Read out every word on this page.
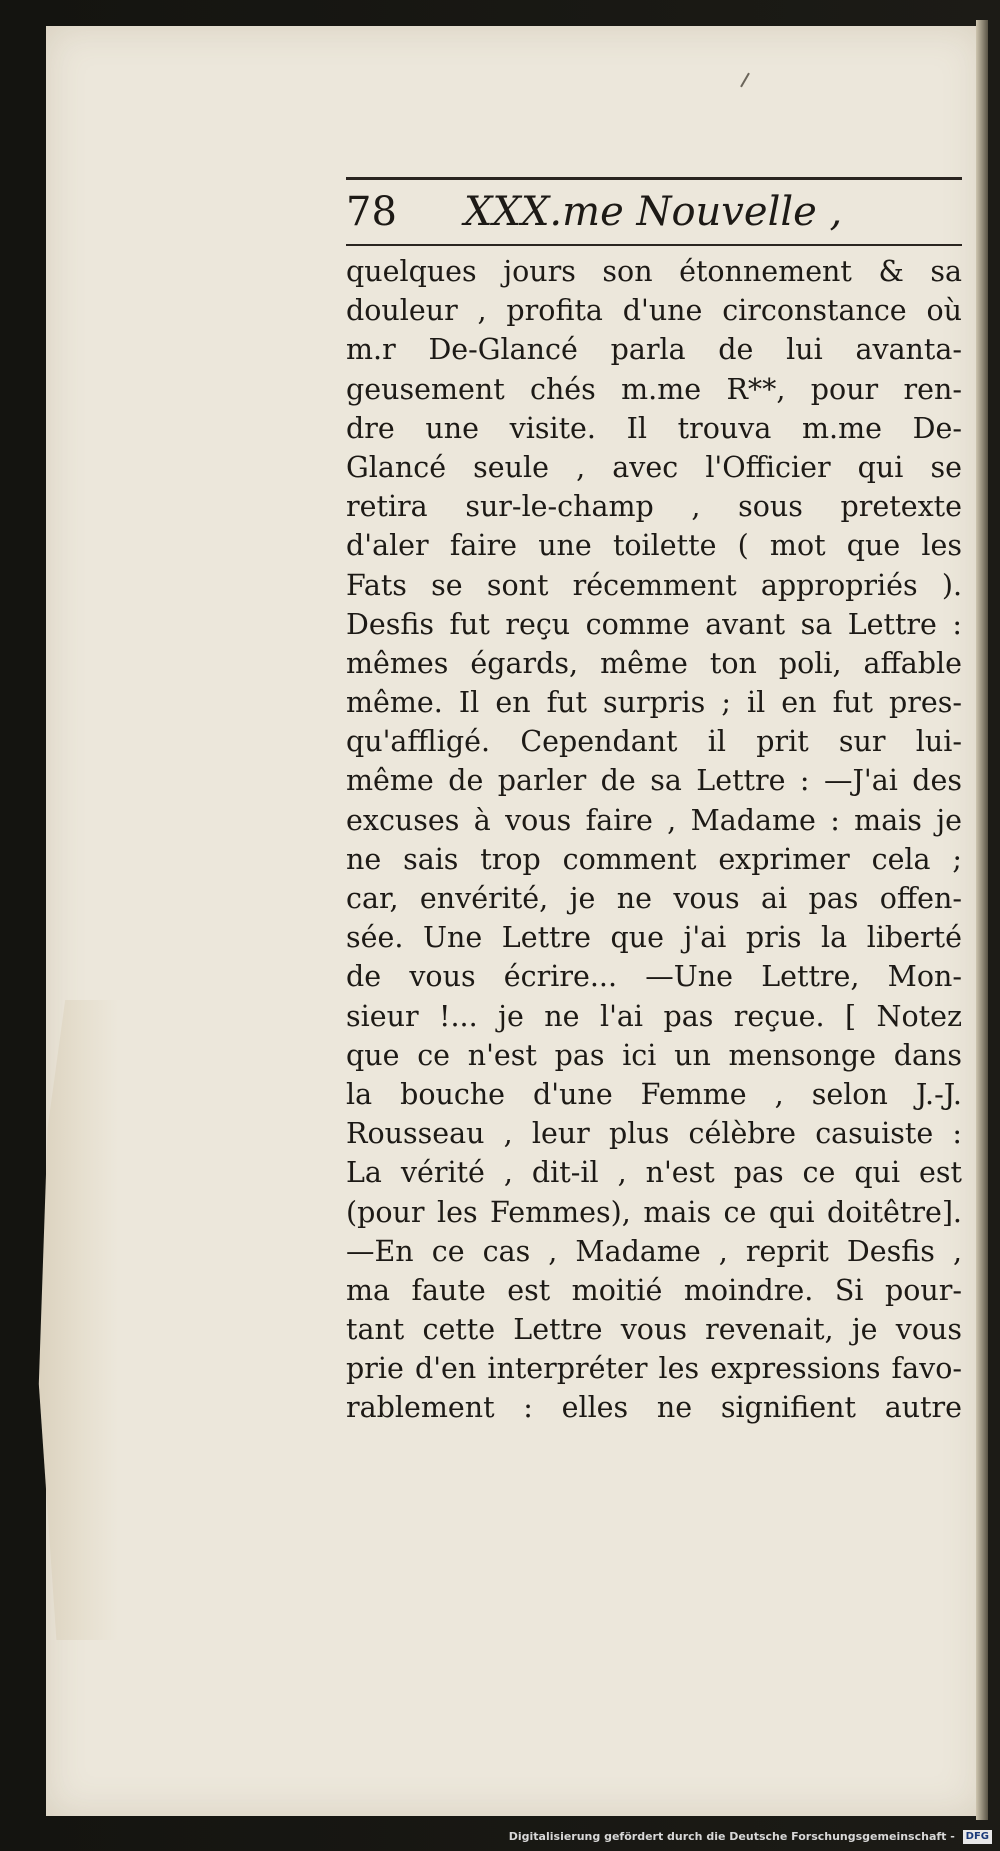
78 XXX.me Nouvelle ,
quelques jours son étonnement & sa
douleur , profita d'une circonstance où
m.r De-Glancé parla de lui avanta-
geusement chés m.me R**, pour ren-
dre une visite. Il trouva m.me De-
Glancé seule , avec l'Officier qui se
retira sur-le-champ , sous pretexte
d'aler faire une toilette ( mot que les
Fats se sont récemment appropriés ).
Desfis fut reçu comme avant sa Lettre :
mêmes égards, même ton poli, affable
même. Il en fut surpris ; il en fut pres-
qu'affligé. Cependant il prit sur lui-
même de parler de sa Lettre : —J'ai des
excuses à vous faire , Madame : mais je
ne sais trop comment exprimer cela ;
car, envérité, je ne vous ai pas offen-
sée. Une Lettre que j'ai pris la liberté
de vous écrire... —Une Lettre, Mon-
sieur !... je ne l'ai pas reçue. [ Notez
que ce n'est pas ici un mensonge dans
la bouche d'une Femme , selon J.-J.
Rousseau , leur plus célèbre casuiste :
La vérité , dit-il , n'est pas ce qui est
(pour les Femmes), mais ce qui doitêtre].
—En ce cas , Madame , reprit Desfis ,
ma faute est moitié moindre. Si pour-
tant cette Lettre vous revenait, je vous
prie d'en interpréter les expressions favo-
rablement : elles ne signifient autre
Digitalisierung gefördert durch die Deutsche Forschungsgemeinschaft - DFG
